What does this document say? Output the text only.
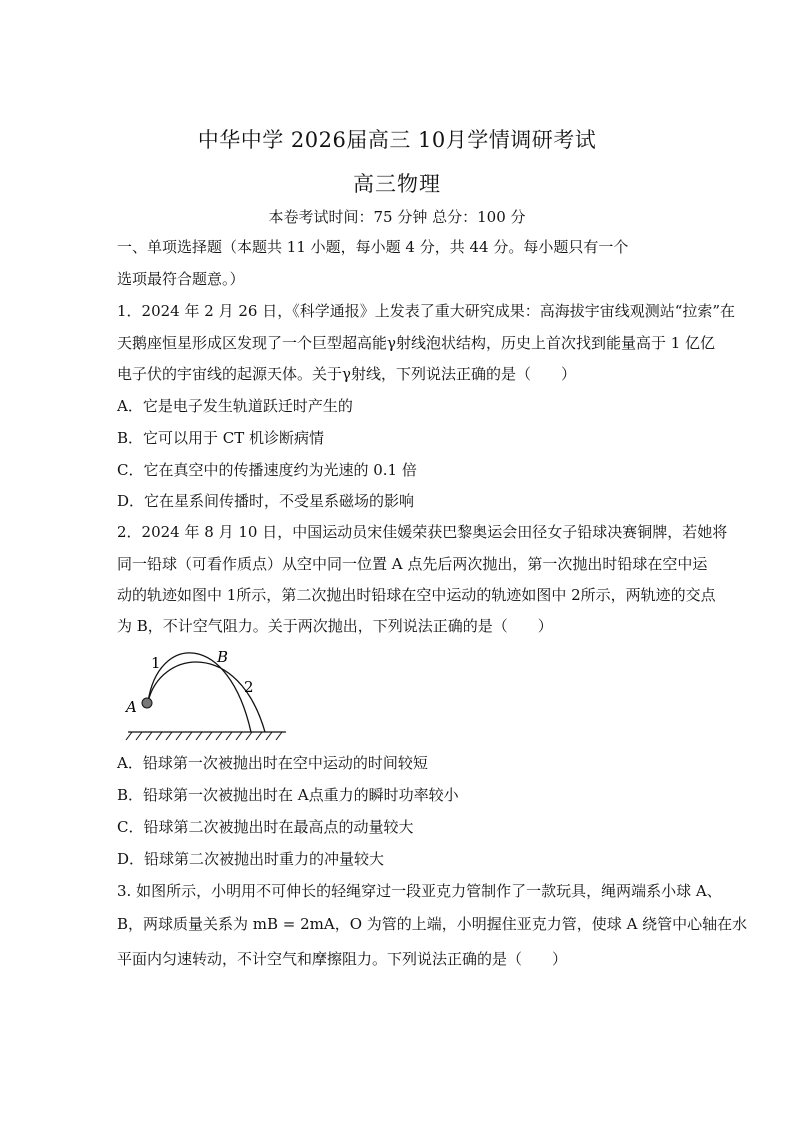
中华中学 2026届高三 10月学情调研考试
高三物理
本卷考试时间：75 分钟 总分：100 分
一、单项选择题（本题共 11 小题，每小题 4 分，共 44 分。每小题只有一个
选项最符合题意。）
1．2024 年 2 月 26 日，《科学通报》上发表了重大研究成果：高海拔宇宙线观测站“拉索”在
天鹅座恒星形成区发现了一个巨型超高能γ射线泡状结构，历史上首次找到能量高于 1 亿亿
电子伏的宇宙线的起源天体。关于γ射线，下列说法正确的是（　　）
A．它是电子发生轨道跃迁时产生的
B．它可以用于 CT 机诊断病情
C．它在真空中的传播速度约为光速的 0.1 倍
D．它在星系间传播时，不受星系磁场的影响
2．2024 年 8 月 10 日，中国运动员宋佳媛荣获巴黎奥运会田径女子铅球决赛铜牌，若她将
同一铅球（可看作质点）从空中同一位置 A 点先后两次抛出，第一次抛出时铅球在空中运
动的轨迹如图中 1所示，第二次抛出时铅球在空中运动的轨迹如图中 2所示，两轨迹的交点
为 B，不计空气阻力。关于两次抛出，下列说法正确的是（　　）
A
1	B
2
A．铅球第一次被抛出时在空中运动的时间较短
B．铅球第一次被抛出时在 A点重力的瞬时功率较小
C．铅球第二次被抛出时在最高点的动量较大
D．铅球第二次被抛出时重力的冲量较大
3. 如图所示，小明用不可伸长的轻绳穿过一段亚克力管制作了一款玩具，绳两端系小球 A、
B，两球质量关系为 mB = 2mA，O 为管的上端，小明握住亚克力管，使球 A 绕管中心轴在水
平面内匀速转动，不计空气和摩擦阻力。下列说法正确的是（　　）
